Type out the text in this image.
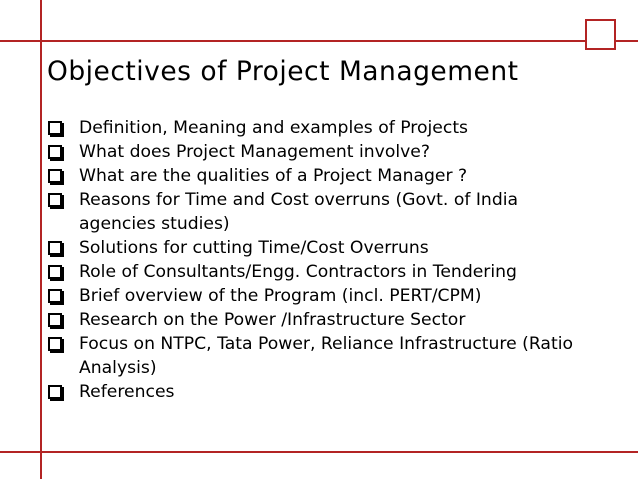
Objectives of Project Management
Definition, Meaning and examples of Projects
What does Project Management involve?
What are the qualities of a Project Manager ?
Reasons for Time and Cost overruns (Govt. of India agencies studies)
Solutions for cutting Time/Cost Overruns
Role of Consultants/Engg. Contractors in Tendering
Brief overview of the Program (incl. PERT/CPM)
Research on the Power /Infrastructure Sector
Focus on NTPC, Tata Power, Reliance Infrastructure (Ratio Analysis)
References
